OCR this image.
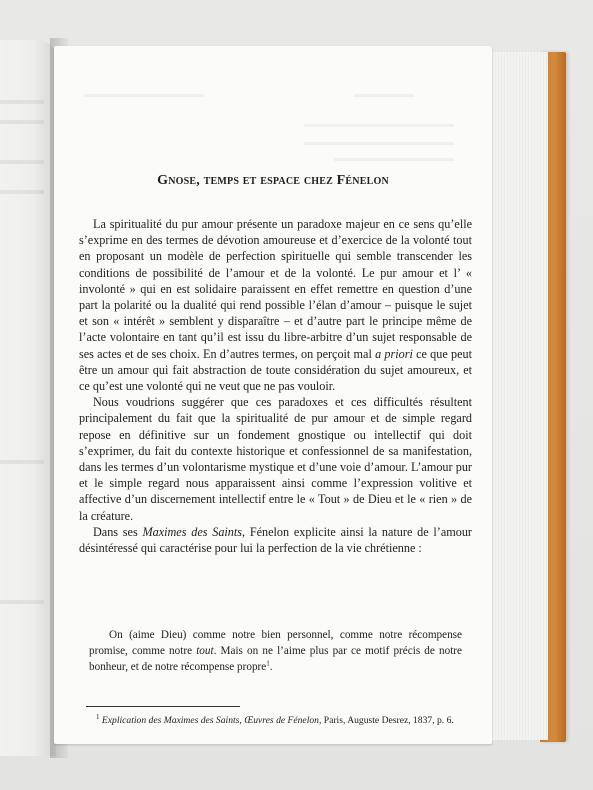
Gnose, temps et espace chez Fénelon

La spiritualité du pur amour présente un paradoxe majeur en ce sens qu’elle s’exprime en des termes de dévotion amoureuse et d’exercice de la volonté tout en proposant un modèle de perfection spirituelle qui semble transcender les conditions de possibilité de l’amour et de la volonté. Le pur amour et l’ « involonté » qui en est solidaire paraissent en effet remettre en question d’une part la polarité ou la dualité qui rend possible l’élan d’amour – puisque le sujet et son « intérêt » semblent y disparaître – et d’autre part le principe même de l’acte volontaire en tant qu’il est issu du libre-arbitre d’un sujet responsable de ses actes et de ses choix. En d’autres termes, on perçoit mal a priori ce que peut être un amour qui fait abstraction de toute considération du sujet amoureux, et ce qu’est une volonté qui ne veut que ne pas vouloir.

Nous voudrions suggérer que ces paradoxes et ces difficultés résultent principalement du fait que la spiritualité de pur amour et de simple regard repose en définitive sur un fondement gnostique ou intellectif qui doit s’exprimer, du fait du contexte historique et confessionnel de sa manifestation, dans les termes d’un volontarisme mystique et d’une voie d’amour. L’amour pur et le simple regard nous apparaissent ainsi comme l’expression volitive et affective d’un discernement intellectif entre le « Tout » de Dieu et le « rien » de la créature.

Dans ses Maximes des Saints, Fénelon explicite ainsi la nature de l’amour désintéressé qui caractérise pour lui la perfection de la vie chrétienne :

On (aime Dieu) comme notre bien personnel, comme notre récompense promise, comme notre tout. Mais on ne l’aime plus par ce motif précis de notre bonheur, et de notre récompense propre$^1$.

$^1$ Explication des Maximes des Saints, Œuvres de Fénelon, Paris, Auguste Desrez, 1837, p. 6.
